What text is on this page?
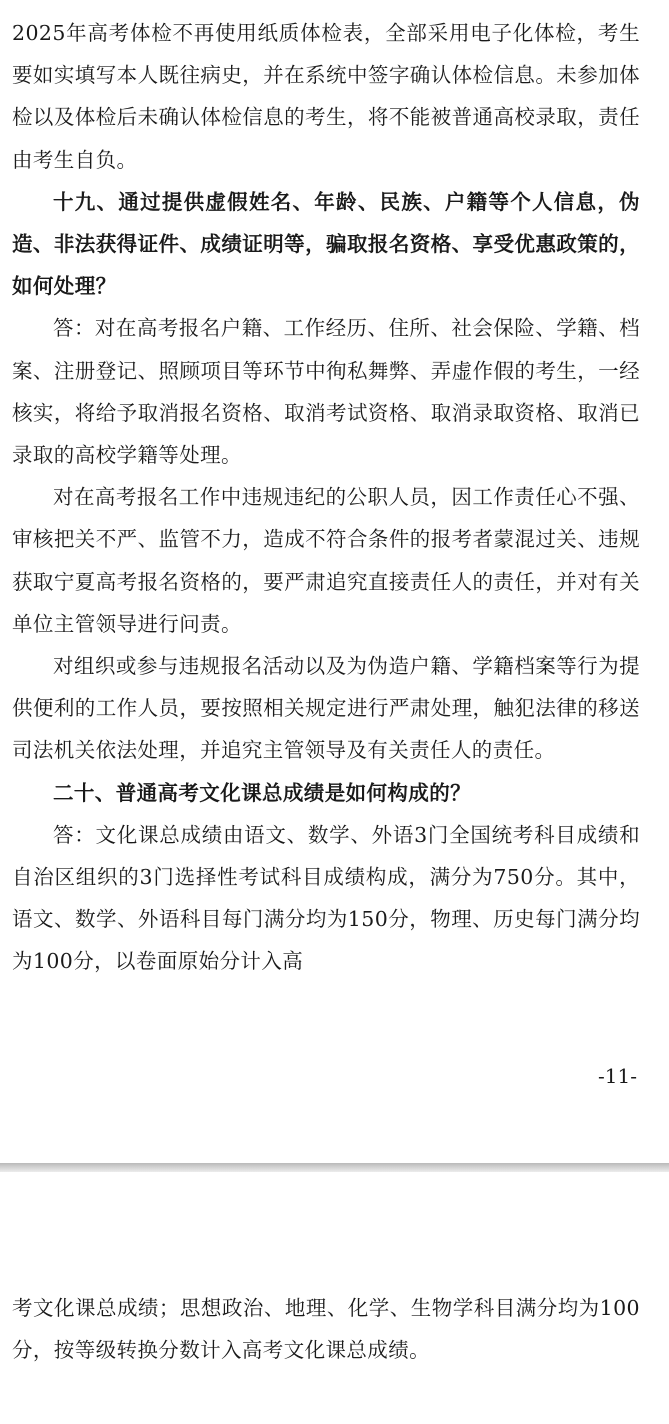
2025年高考体检不再使用纸质体检表，全部采用电子化体检，考生要如实填写本人既往病史，并在系统中签字确认体检信息。未参加体检以及体检后未确认体检信息的考生，将不能被普通高校录取，责任由考生自负。

十九、通过提供虚假姓名、年龄、民族、户籍等个人信息，伪造、非法获得证件、成绩证明等，骗取报名资格、享受优惠政策的，如何处理？

答：对在高考报名户籍、工作经历、住所、社会保险、学籍、档案、注册登记、照顾项目等环节中徇私舞弊、弄虚作假的考生，一经核实，将给予取消报名资格、取消考试资格、取消录取资格、取消已录取的高校学籍等处理。

对在高考报名工作中违规违纪的公职人员，因工作责任心不强、审核把关不严、监管不力，造成不符合条件的报考者蒙混过关、违规获取宁夏高考报名资格的，要严肃追究直接责任人的责任，并对有关单位主管领导进行问责。

对组织或参与违规报名活动以及为伪造户籍、学籍档案等行为提供便利的工作人员，要按照相关规定进行严肃处理，触犯法律的移送司法机关依法处理，并追究主管领导及有关责任人的责任。

二十、普通高考文化课总成绩是如何构成的？

答：文化课总成绩由语文、数学、外语3门全国统考科目成绩和自治区组织的3门选择性考试科目成绩构成，满分为750分。其中，语文、数学、外语科目每门满分均为150分，物理、历史每门满分均为100分，以卷面原始分计入高

-11-

考文化课总成绩；思想政治、地理、化学、生物学科目满分均为100分，按等级转换分数计入高考文化课总成绩。
